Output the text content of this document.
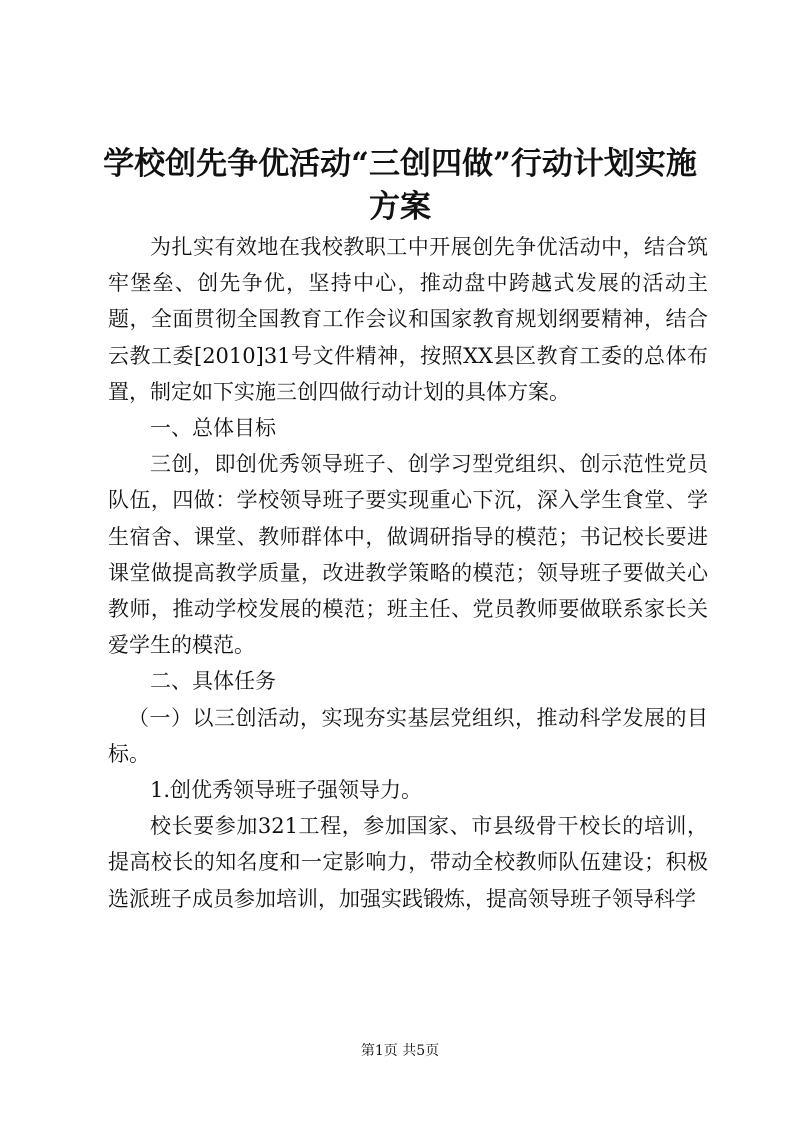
学校创先争优活动“三创四做”行动计划实施
方案

为扎实有效地在我校教职工中开展创先争优活动中，结合筑牢堡垒、创先争优，坚持中心，推动盘中跨越式发展的活动主题，全面贯彻全国教育工作会议和国家教育规划纲要精神，结合云教工委[2010]31号文件精神，按照XX县区教育工委的总体布置，制定如下实施三创四做行动计划的具体方案。

一、总体目标

三创，即创优秀领导班子、创学习型党组织、创示范性党员队伍，四做：学校领导班子要实现重心下沉，深入学生食堂、学生宿舍、课堂、教师群体中，做调研指导的模范；书记校长要进课堂做提高教学质量，改进教学策略的模范；领导班子要做关心教师，推动学校发展的模范；班主任、党员教师要做联系家长关爱学生的模范。

二、具体任务

（一）以三创活动，实现夯实基层党组织，推动科学发展的目标。

1.创优秀领导班子强领导力。

校长要参加321工程，参加国家、市县级骨干校长的培训，提高校长的知名度和一定影响力，带动全校教师队伍建设；积极选派班子成员参加培训，加强实践锻炼，提高领导班子领导科学

第1页 共5页
